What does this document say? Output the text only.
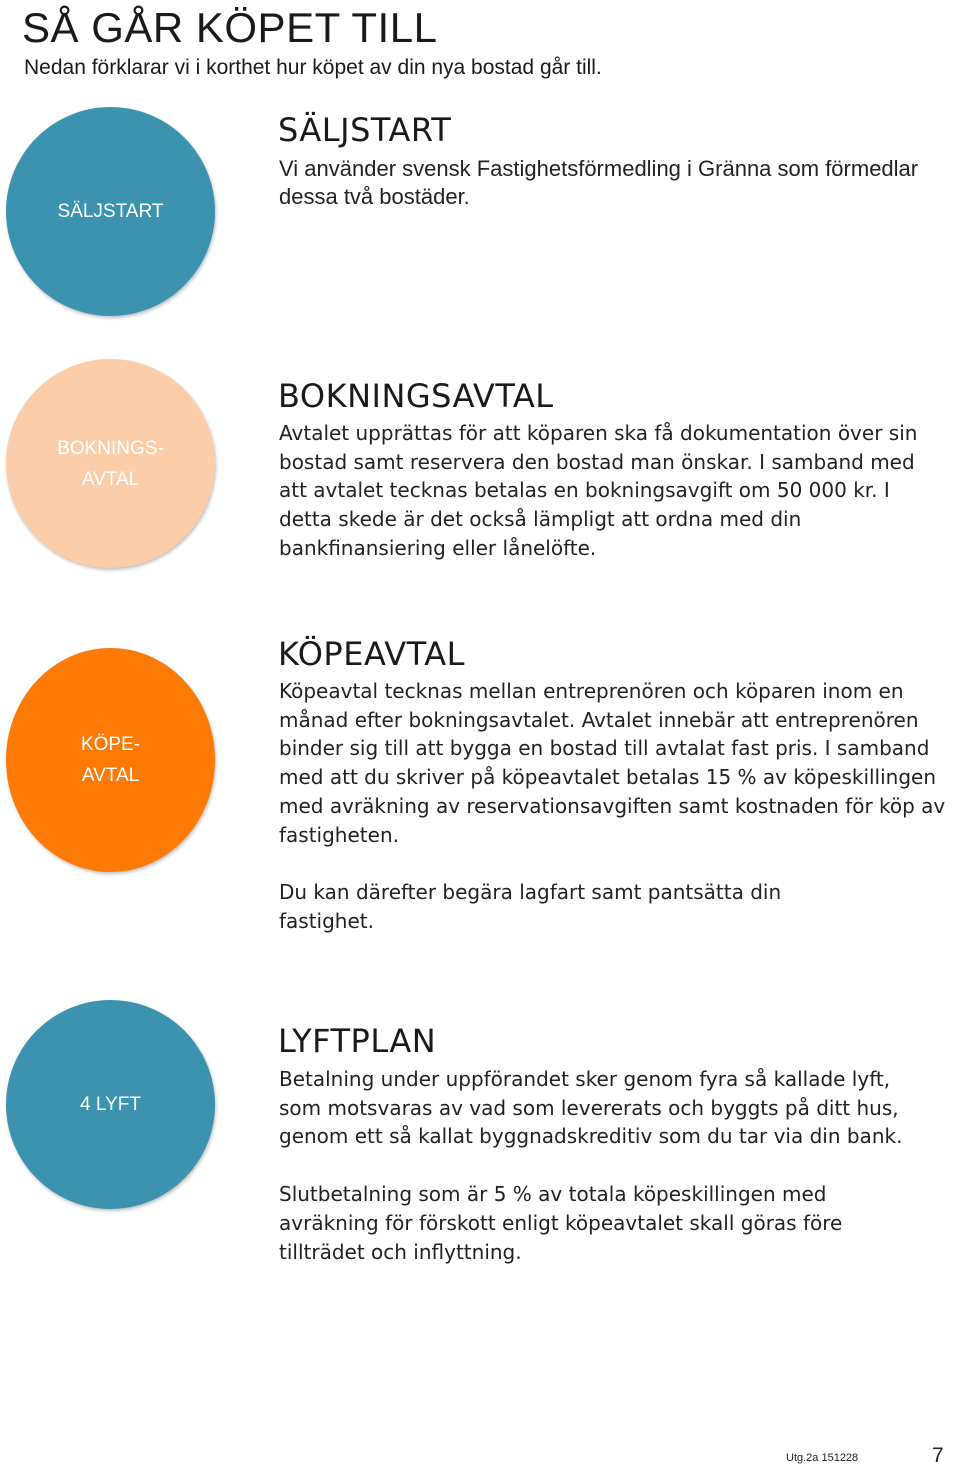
SÅ GÅR KÖPET TILL
Nedan förklarar vi i korthet hur köpet av din nya bostad går till.
SÄLJSTART
SÄLJSTART

Vi använder svensk Fastighetsförmedling i Gränna som förmedlar dessa två bostäder.

BOKNINGS- AVTAL
BOKNINGSAVTAL

Avtalet upprättas för att köparen ska få dokumentation över sin bostad samt reservera den bostad man önskar. I samband med att avtalet tecknas betalas en bokningsavgift om 50 000 kr. I detta skede är det också lämpligt att ordna med din bankfinansiering eller lånelöfte.

KÖPE- AVTAL
KÖPEAVTAL

Köpeavtal tecknas mellan entreprenören och köparen inom en månad efter bokningsavtalet. Avtalet innebär att entreprenören binder sig till att bygga en bostad till avtalat fast pris. I samband med att du skriver på köpeavtalet betalas 15 % av köpeskillingen med avräkning av reservationsavgiften samt kostnaden för köp av fastigheten.

Du kan därefter begära lagfart samt pantsätta din fastighet.

4 LYFT
LYFTPLAN

Betalning under uppförandet sker genom fyra så kallade lyft, som motsvaras av vad som levererats och byggts på ditt hus, genom ett så kallat byggnadskreditiv som du tar via din bank.

Slutbetalning som är 5 % av totala köpeskillingen med avräkning för förskott enligt köpeavtalet skall göras före tillträdet och inflyttning.

Utg.2a 151228	7
